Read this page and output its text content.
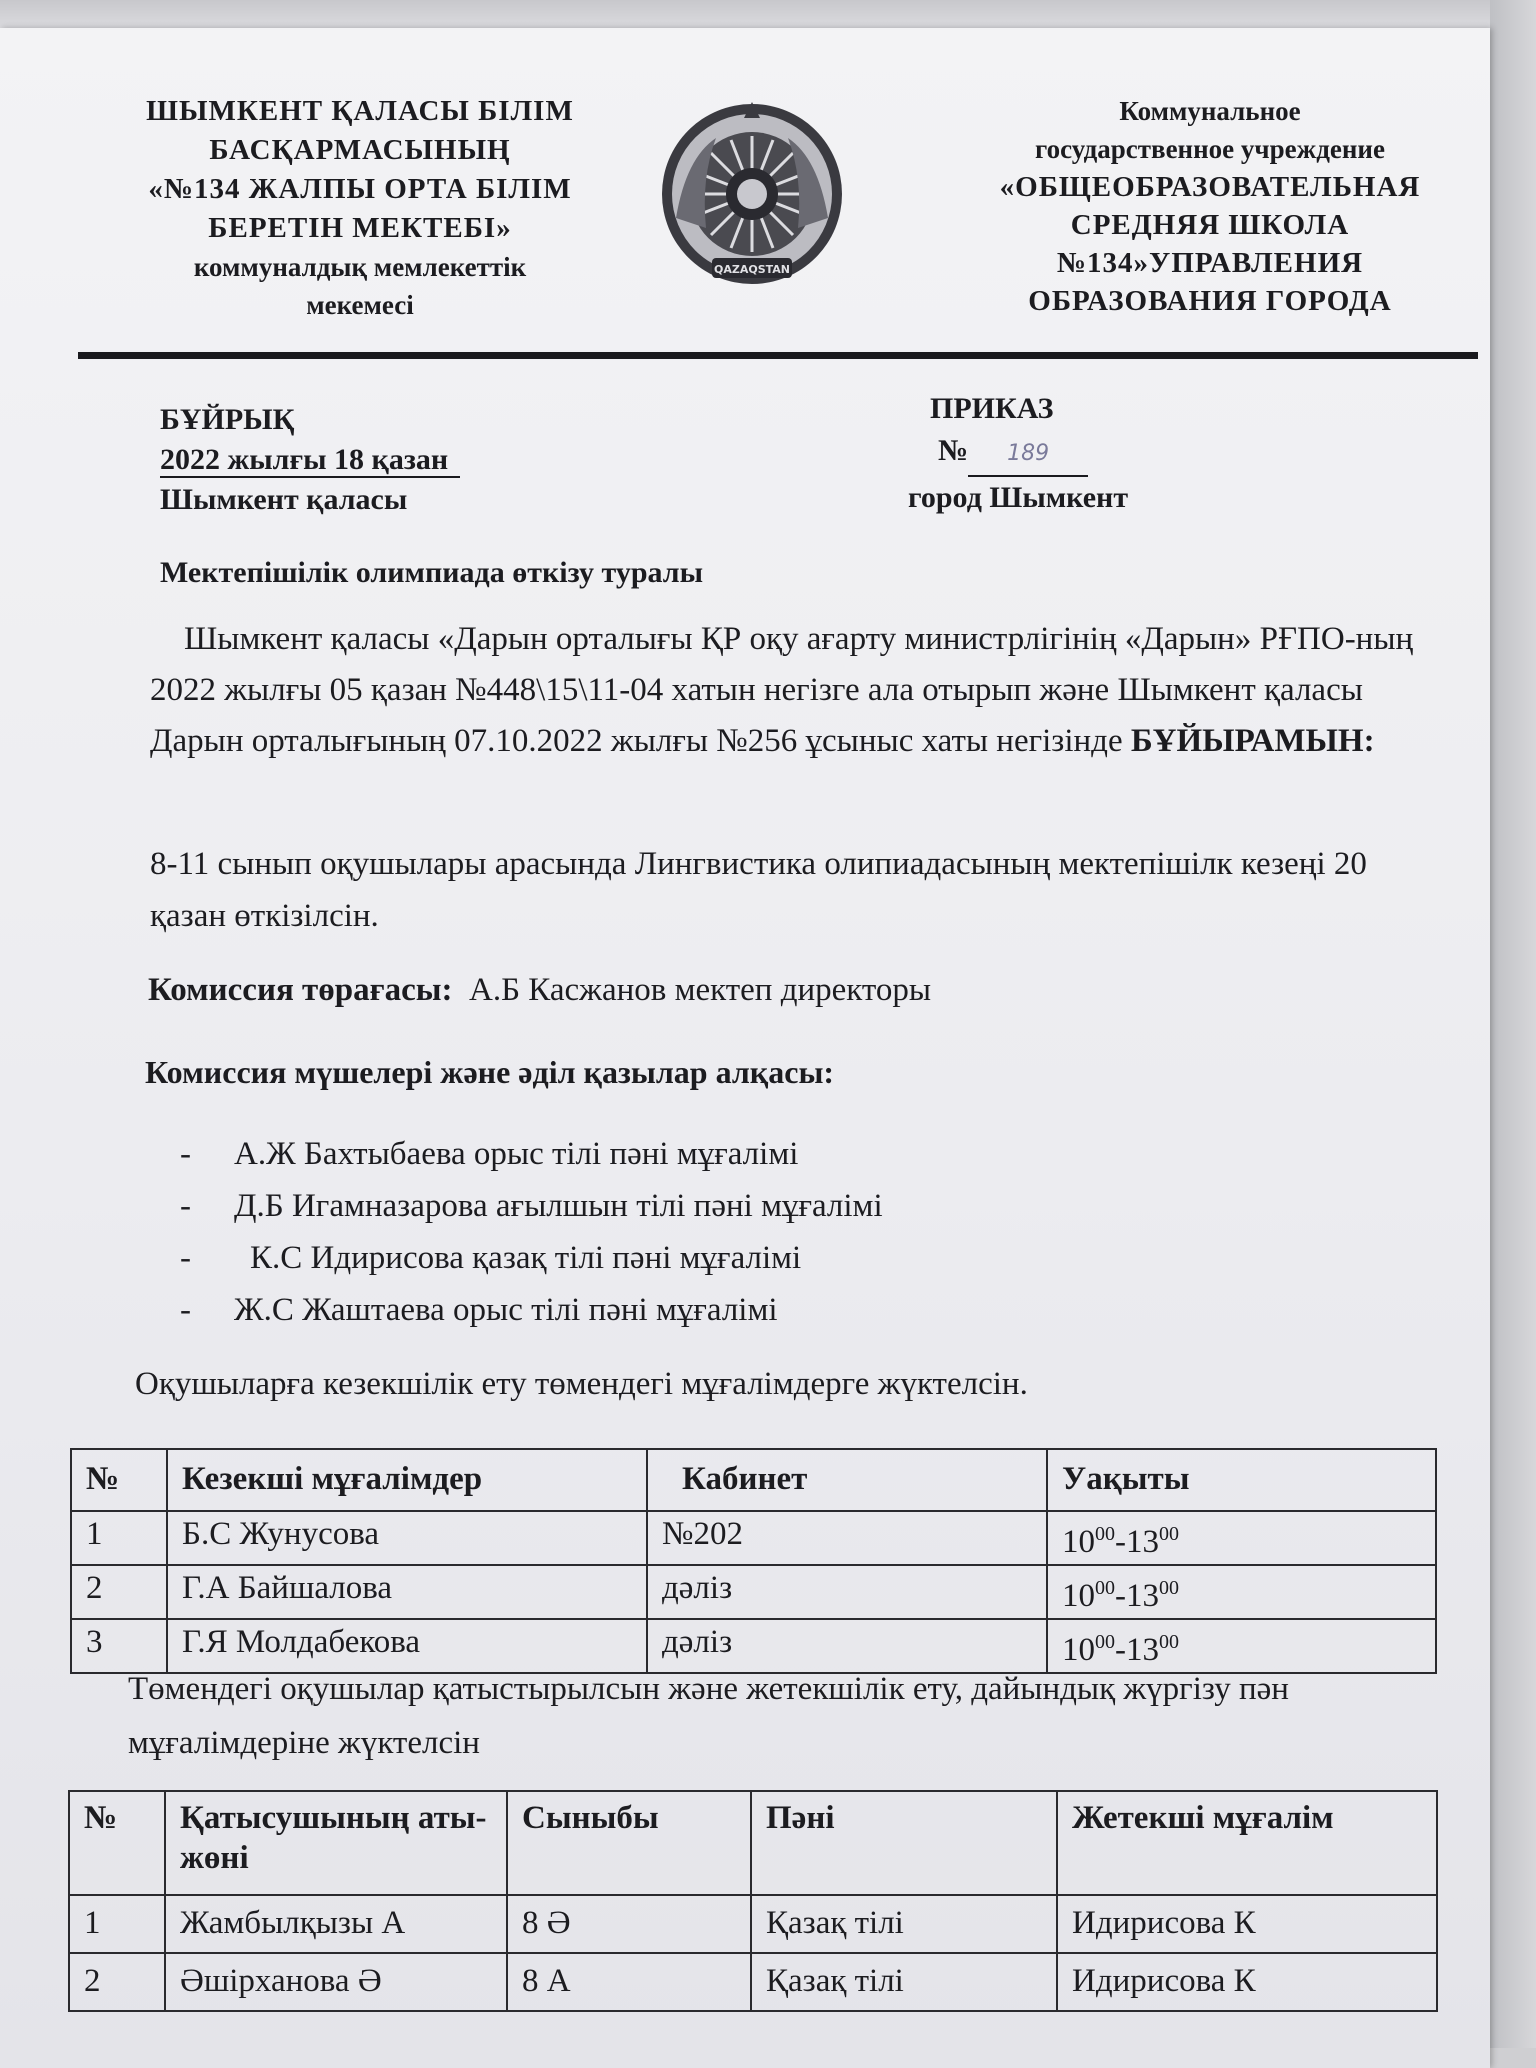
ШЫМКЕНТ ҚАЛАСЫ БІЛІМ
БАСҚАРМАСЫНЫҢ
«№134 ЖАЛПЫ ОРТА БІЛІМ
БЕРЕТІН МЕКТЕБІ»
коммуналдық мемлекеттік
мекемесі
QAZAQSTAN
Коммунальное
государственное учреждение
«ОБЩЕОБРАЗОВАТЕЛЬНАЯ
СРЕДНЯЯ ШКОЛА
№134»УПРАВЛЕНИЯ
ОБРАЗОВАНИЯ ГОРОДА
БҰЙРЫҚ
2022 жылғы 18 қазан
Шымкент қаласы
ПРИКАЗ
№ 189
город Шымкент
Мектепішілік олимпиада өткізу туралы
Шымкент қаласы «Дарын орталығы ҚР оқу ағарту министрлігінің «Дарын» РҒПО-ның 2022 жылғы 05 қазан №448\15\11-04 хатын негізге ала отырып және Шымкент қаласы Дарын орталығының 07.10.2022 жылғы №256 ұсыныс хаты негізінде БҰЙЫРАМЫН:
8-11 сынып оқушылары арасында Лингвистика олипиадасының мектепішілк кезеңі 20 қазан өткізілсін.
Комиссия төрағасы: А.Б Касжанов мектеп директоры
Комиссия мүшелері және әділ қазылар алқасы:
- А.Ж Бахтыбаева орыс тілі пәні мұғалімі
- Д.Б Игамназарова ағылшын тілі пәні мұғалімі
- К.С Идирисова қазақ тілі пәні мұғалімі
- Ж.С Жаштаева орыс тілі пәні мұғалімі
Оқушыларға кезекшілік ету төмендегі мұғалімдерге жүктелсін.
№	Кезекші мұғалімдер	Кабинет	Уақыты
1	Б.С Жунусова	№202	$10^{00}-13^{00}$
2	Г.А Байшалова	дәліз	$10^{00}-13^{00}$
3	Г.Я Молдабекова	дәліз	$10^{00}-13^{00}$
Төмендегі оқушылар қатыстырылсын және жетекшілік ету, дайындық жүргізу пән мұғалімдеріне жүктелсін
№	Қатысушының аты-жөні	Сыныбы	Пәні	Жетекші мұғалім
1	Жамбылқызы А	8 Ә	Қазақ тілі	Идирисова К
2	Әшірханова Ә	8 А	Қазақ тілі	Идирисова К
